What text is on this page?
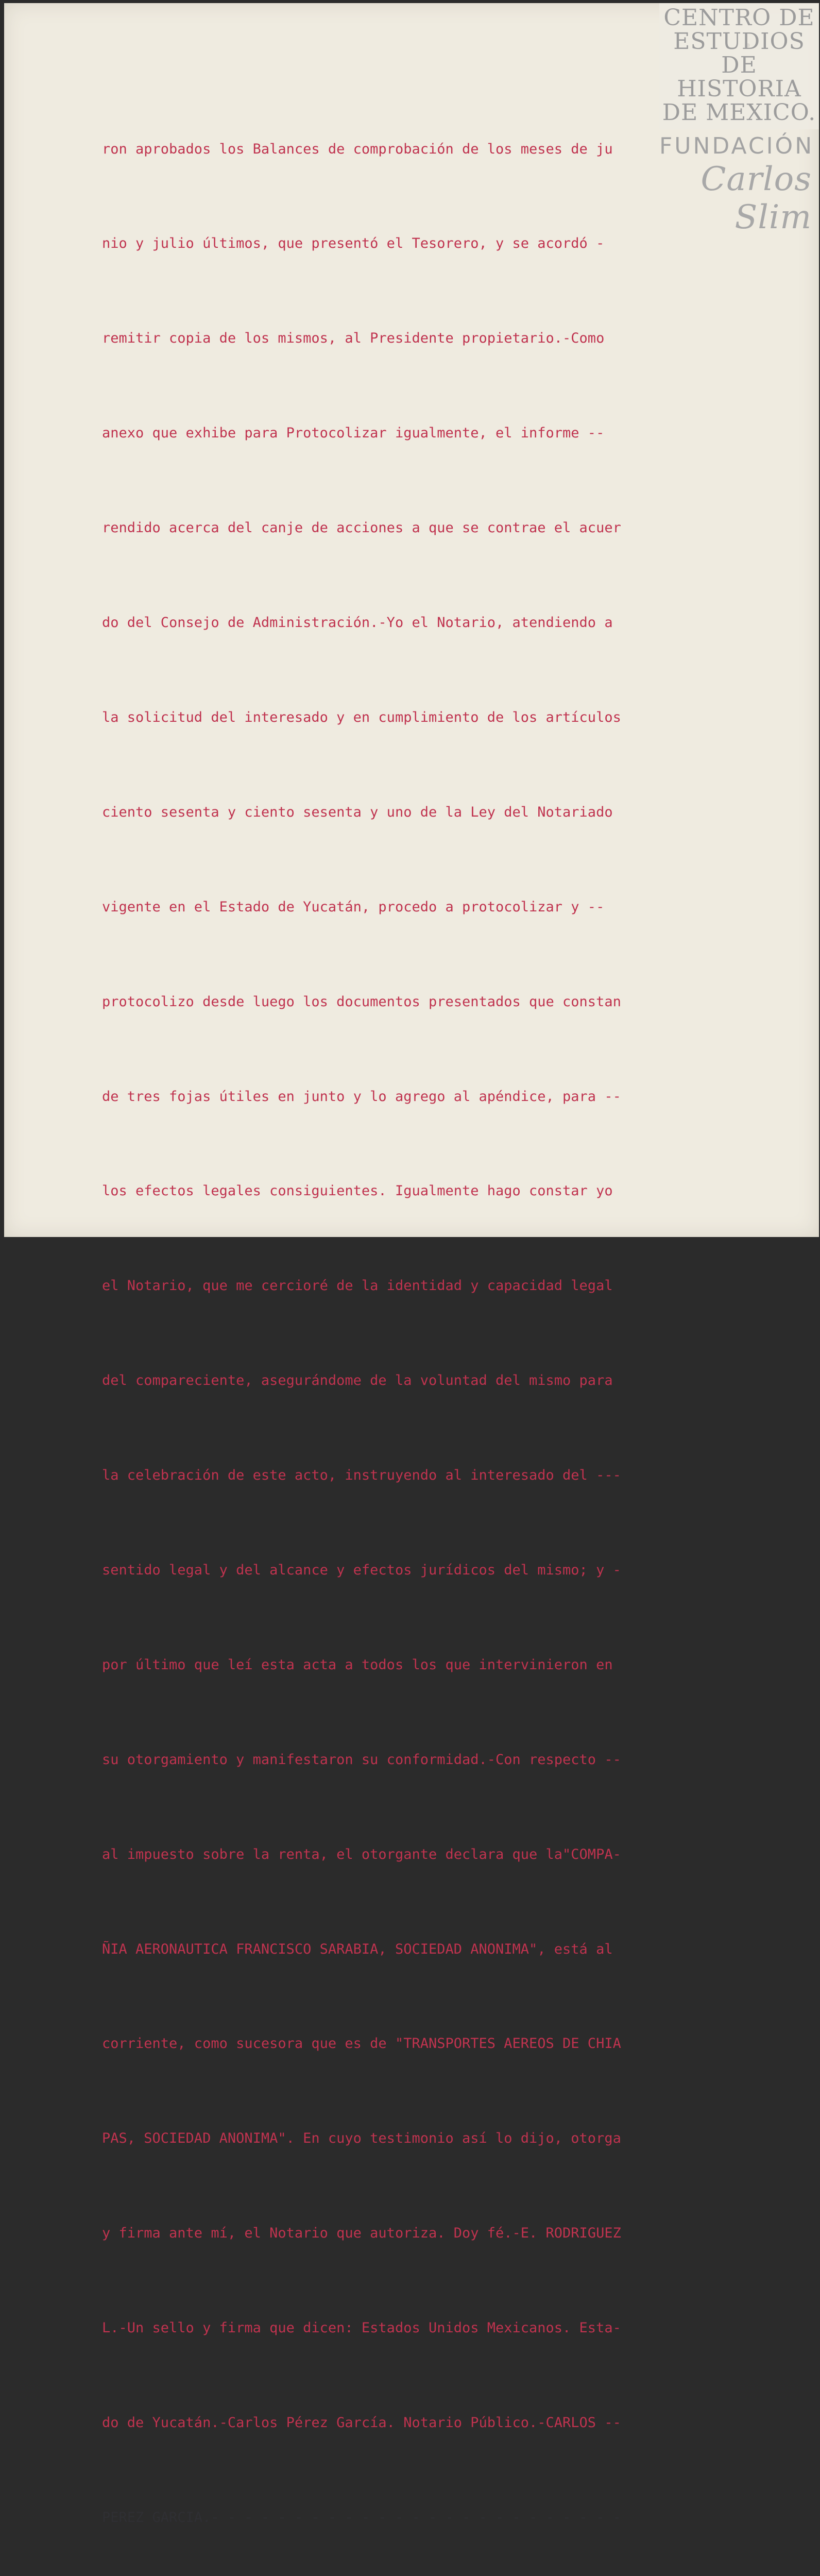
CENTRO DE
ESTUDIOS
DE HISTORIA
DE MEXICO.
FUNDACIÓN
Carlos Slim

ron aprobados los Balances de comprobación de los meses de ju

nio y julio últimos, que presentó el Tesorero, y se acordó -

remitir copia de los mismos, al Presidente propietario.-Como

anexo que exhibe para Protocolizar igualmente, el informe --

rendido acerca del canje de acciones a que se contrae el acuer

do del Consejo de Administración.-Yo el Notario, atendiendo a

la solicitud del interesado y en cumplimiento de los artículos

ciento sesenta y ciento sesenta y uno de la Ley del Notariado

vigente en el Estado de Yucatán, procedo a protocolizar y --

protocolizo desde luego los documentos presentados que constan

de tres fojas útiles en junto y lo agrego al apéndice, para --

los efectos legales consiguientes. Igualmente hago constar yo

el Notario, que me cercioré de la identidad y capacidad legal

del compareciente, asegurándome de la voluntad del mismo para

la celebración de este acto, instruyendo al interesado del ---

sentido legal y del alcance y efectos jurídicos del mismo; y -

por último que leí esta acta a todos los que intervinieron en

su otorgamiento y manifestaron su conformidad.-Con respecto --

al impuesto sobre la renta, el otorgante declara que la"COMPA-

ÑIA AERONAUTICA FRANCISCO SARABIA, SOCIEDAD ANONIMA", está al

corriente, como sucesora que es de "TRANSPORTES AEREOS DE CHIA

PAS, SOCIEDAD ANONIMA". En cuyo testimonio así lo dijo, otorga

y firma ante mí, el Notario que autoriza. Doy fé.-E. RODRIGUEZ

L.-Un sello y firma que dicen: Estados Unidos Mexicanos. Esta-

do de Yucatán.-Carlos Pérez García. Notario Público.-CARLOS --

PEREZ GARCIA.- - - - - - - - - - - - - - - - - - - - - - - - -
